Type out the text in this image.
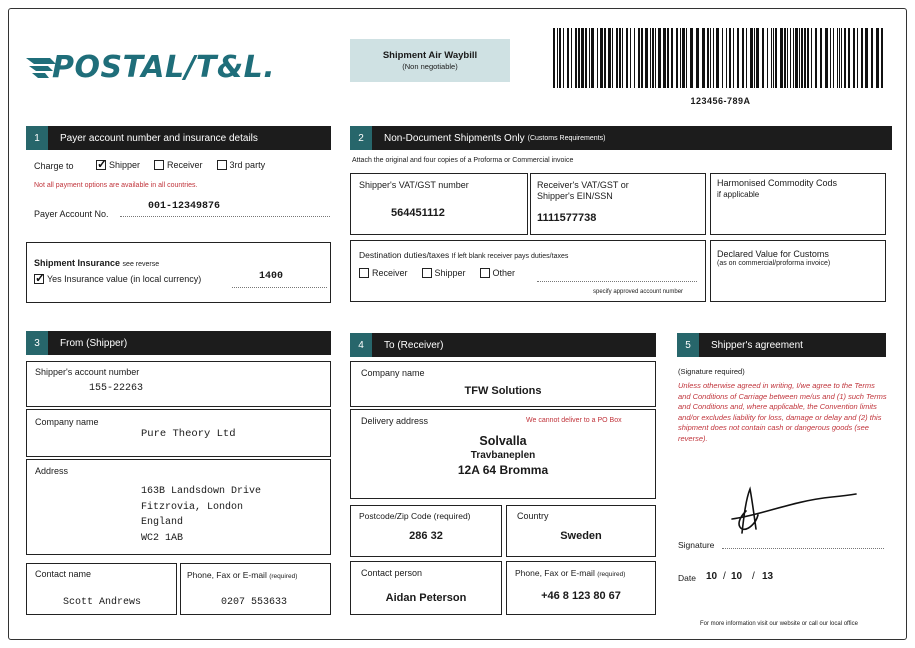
POSTAL/T&L.	Shipment Air Waybill
(Non negotiable)
123456-789A
1	Payer account number and insurance details
Charge to
✓	Shipper	Receiver	3rd party
Not all payment options are available in all countries.
Payer Account No.
001-12349876
Shipment Insurance see reverse
✓
Yes Insurance value (in local currency)	1400
2	Non-Document Shipments Only (Customs Requirements)
Attach the original and four copies of a Proforma or Commercial invoice
Shipper's VAT/GST number
564451112
Receiver's VAT/GST or Shipper's EIN/SSN
1111577738
Harmonised Commodity Cods
if applicable
Destination duties/taxes If left blank receiver pays duties/taxes
Receiver	Shipper	Other
specify approved account number
Declared Value for Customs
(as on commercial/proforma invoice)
3	From (Shipper)
Shipper's account number
155-22263
Company name
Pure Theory Ltd
Address
163B Landsdown Drive
Fitzrovia, London
England
WC2 1AB
Contact name
Scott Andrews
Phone, Fax or E-mail (required)
0207 553633
4	To (Receiver)
Company name
TFW Solutions
Delivery address	We cannot deliver to a PO Box
Solvalla
Travbaneplen
12A 64 Bromma
Postcode/Zip Code (required)
286 32
Country
Sweden
Contact person
Aidan Peterson
Phone, Fax or E-mail (required)
+46 8 123 80 67
5	Shipper's agreement
(Signature required)
Unless otherwise agreed in writing, I/we agree to the Terms and Conditions of Carriage between me/us and (1) such Terms and Conditions and, where applicable, the Convention limits and/or excludes liability for loss, damage or delay and (2) this shipment does not contain cash or dangerous goods (see reverse).
Signature
Date 10 / 10 / 13
For more information visit our website or call our local office
